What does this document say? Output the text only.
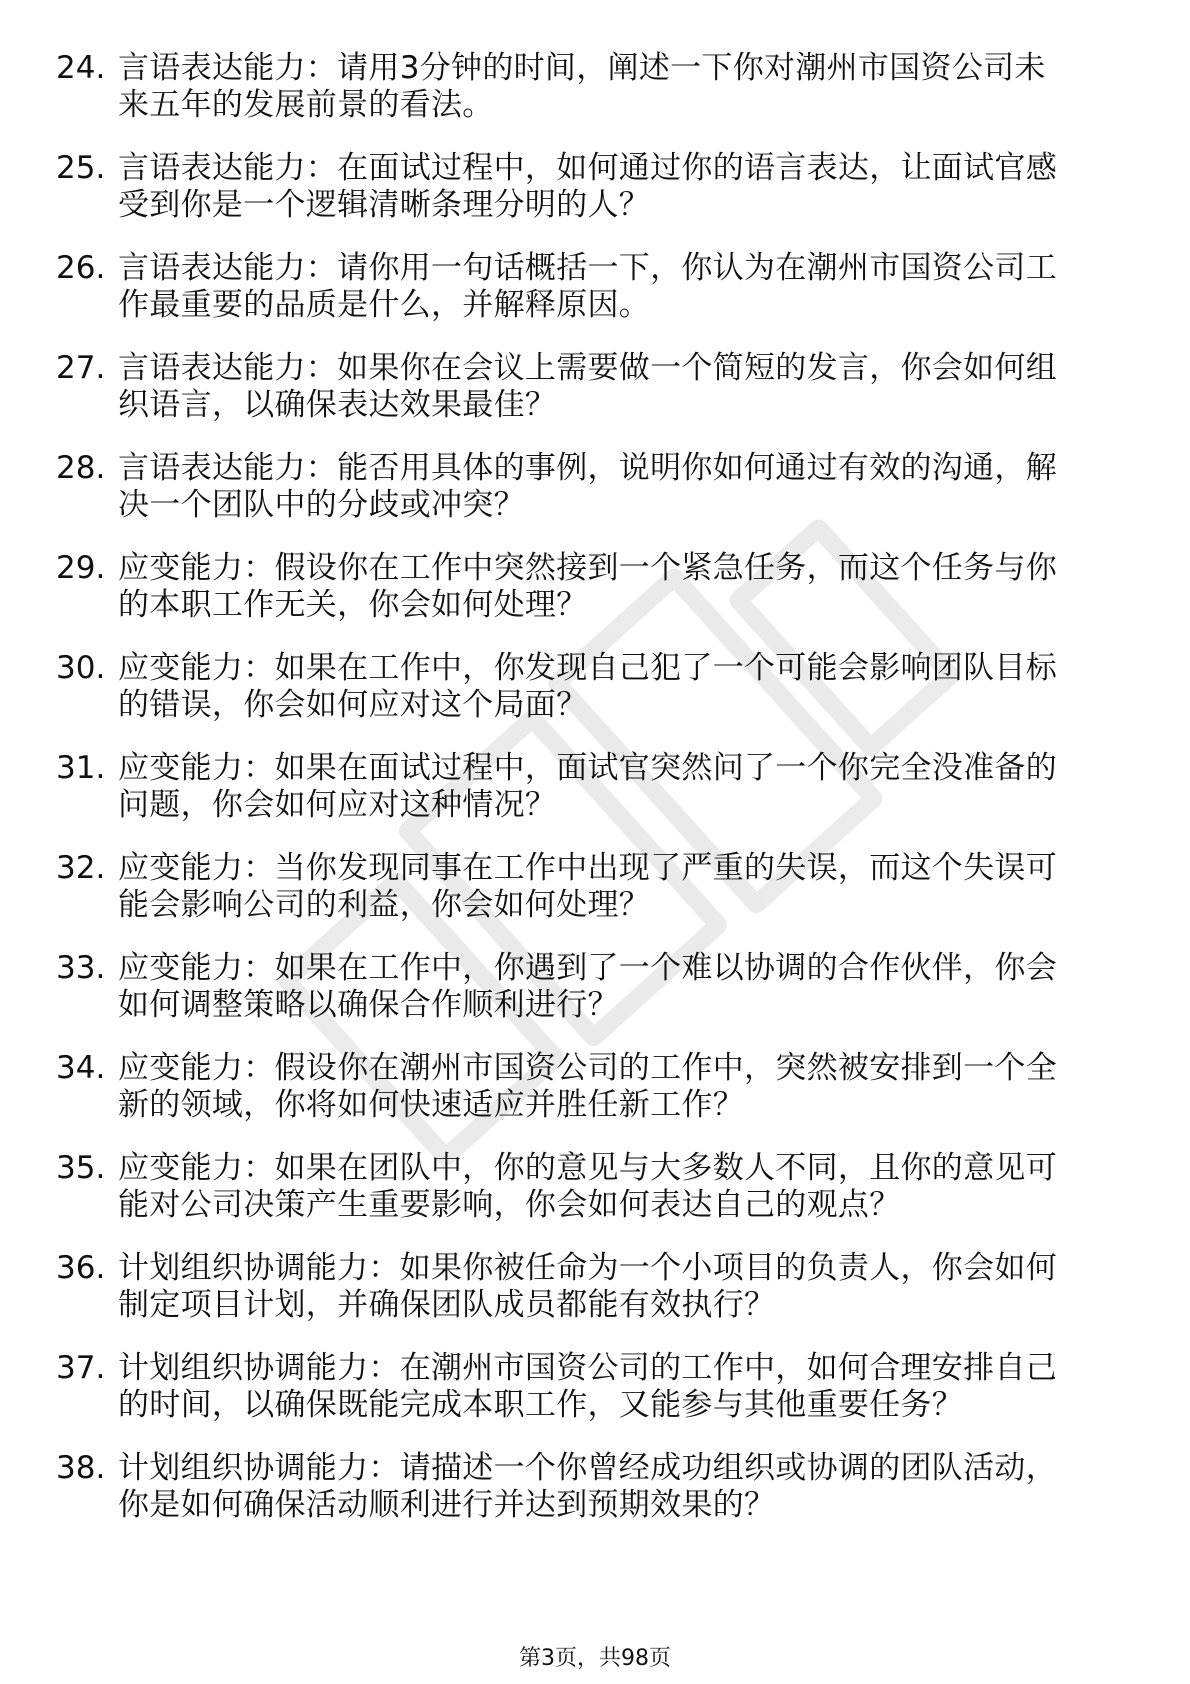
24. 言语表达能力：请用3分钟的时间，阐述一下你对潮州市国资公司未来五年的发展前景的看法。
25. 言语表达能力：在面试过程中，如何通过你的语言表达，让面试官感受到你是一个逻辑清晰条理分明的人？
26. 言语表达能力：请你用一句话概括一下，你认为在潮州市国资公司工作最重要的品质是什么，并解释原因。
27. 言语表达能力：如果你在会议上需要做一个简短的发言，你会如何组织语言，以确保表达效果最佳？
28. 言语表达能力：能否用具体的事例，说明你如何通过有效的沟通，解决一个团队中的分歧或冲突？
29. 应变能力：假设你在工作中突然接到一个紧急任务，而这个任务与你的本职工作无关，你会如何处理？
30. 应变能力：如果在工作中，你发现自己犯了一个可能会影响团队目标的错误，你会如何应对这个局面？
31. 应变能力：如果在面试过程中，面试官突然问了一个你完全没准备的问题，你会如何应对这种情况？
32. 应变能力：当你发现同事在工作中出现了严重的失误，而这个失误可能会影响公司的利益，你会如何处理？
33. 应变能力：如果在工作中，你遇到了一个难以协调的合作伙伴，你会如何调整策略以确保合作顺利进行？
34. 应变能力：假设你在潮州市国资公司的工作中，突然被安排到一个全新的领域，你将如何快速适应并胜任新工作？
35. 应变能力：如果在团队中，你的意见与大多数人不同，且你的意见可能对公司决策产生重要影响，你会如何表达自己的观点？
36. 计划组织协调能力：如果你被任命为一个小项目的负责人，你会如何制定项目计划，并确保团队成员都能有效执行？
37. 计划组织协调能力：在潮州市国资公司的工作中，如何合理安排自己的时间，以确保既能完成本职工作，又能参与其他重要任务？
38. 计划组织协调能力：请描述一个你曾经成功组织或协调的团队活动，你是如何确保活动顺利进行并达到预期效果的？
第3页，共98页
